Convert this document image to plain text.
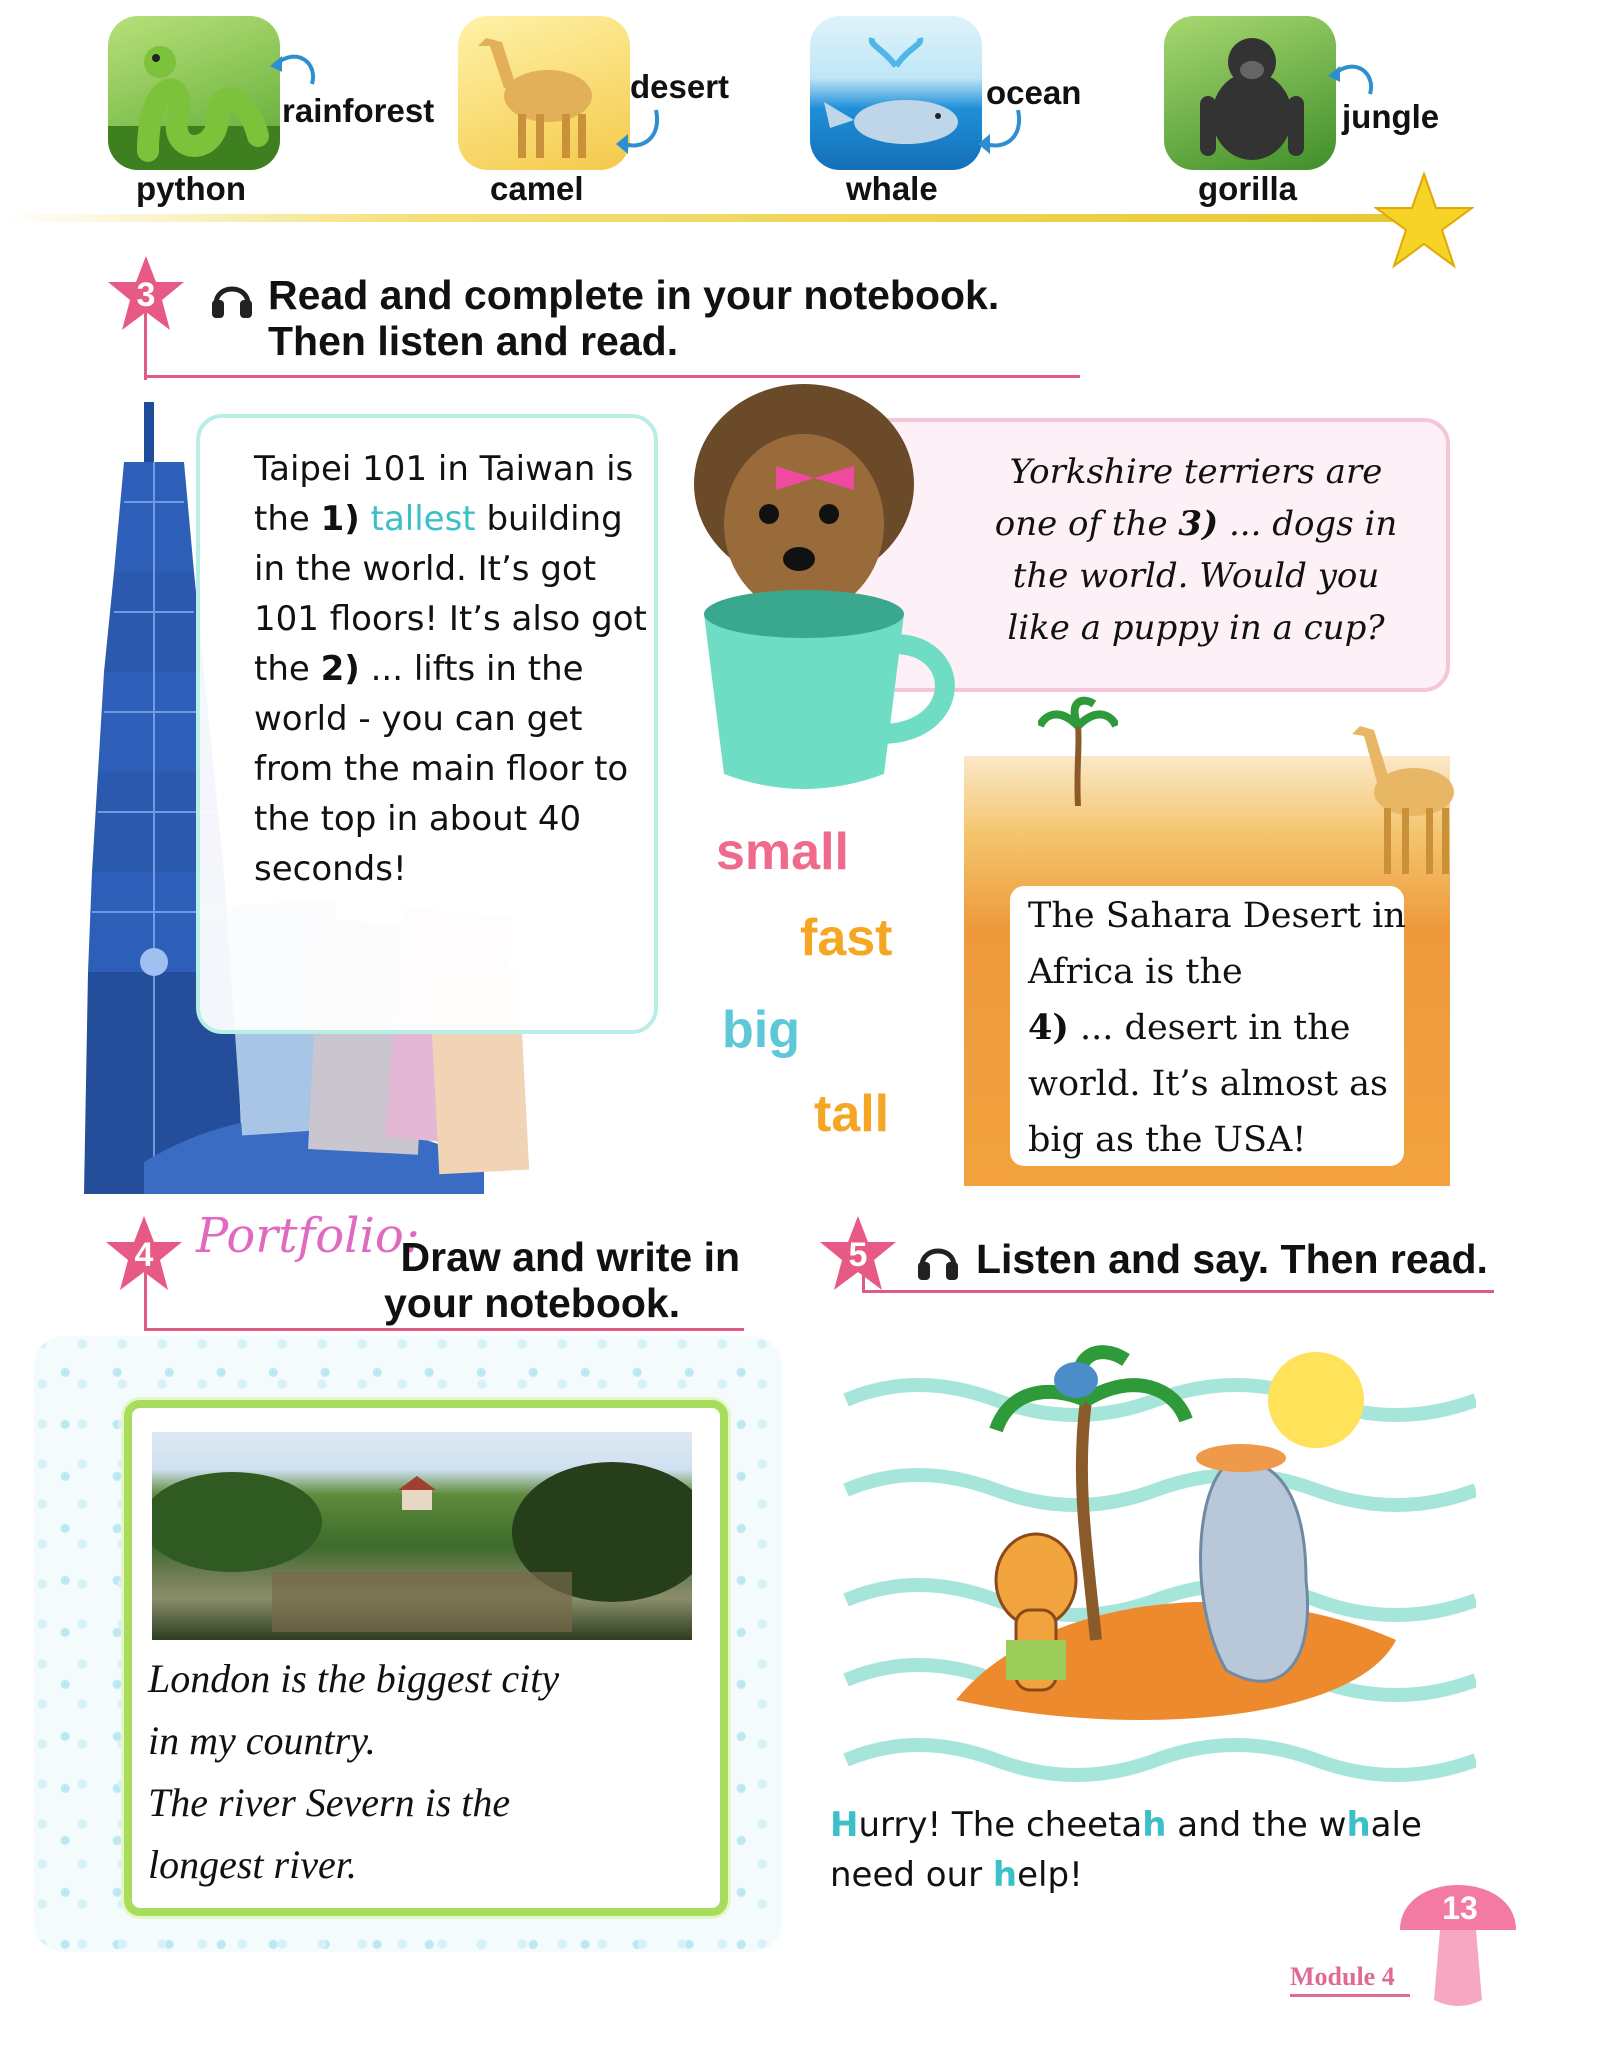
rainforest
python
desert
camel
ocean
whale
jungle
gorilla
3	Read and complete in your notebook.
Then listen and read.
Taipei 101 in Taiwan is
the 1) tallest building
in the world. It’s got
101 floors! It’s also got
the 2) ... lifts in the
world - you can get
from the main floor to
the top in about 40
seconds!
Yorkshire terriers are
one of the 3) ... dogs in
the world. Would you
like a puppy in a cup?
small
fast
big
tall
The Sahara Desert in
Africa is the
4) ... desert in the
world. It’s almost as
big as the USA!
4 Portfolio:
Draw and write in
your notebook.
London is the biggest city
in my country.
The river Severn is the
longest river.
5	Listen and say. Then read.
Hurry! The cheetah and the whale
need our help!
13
Module 4
